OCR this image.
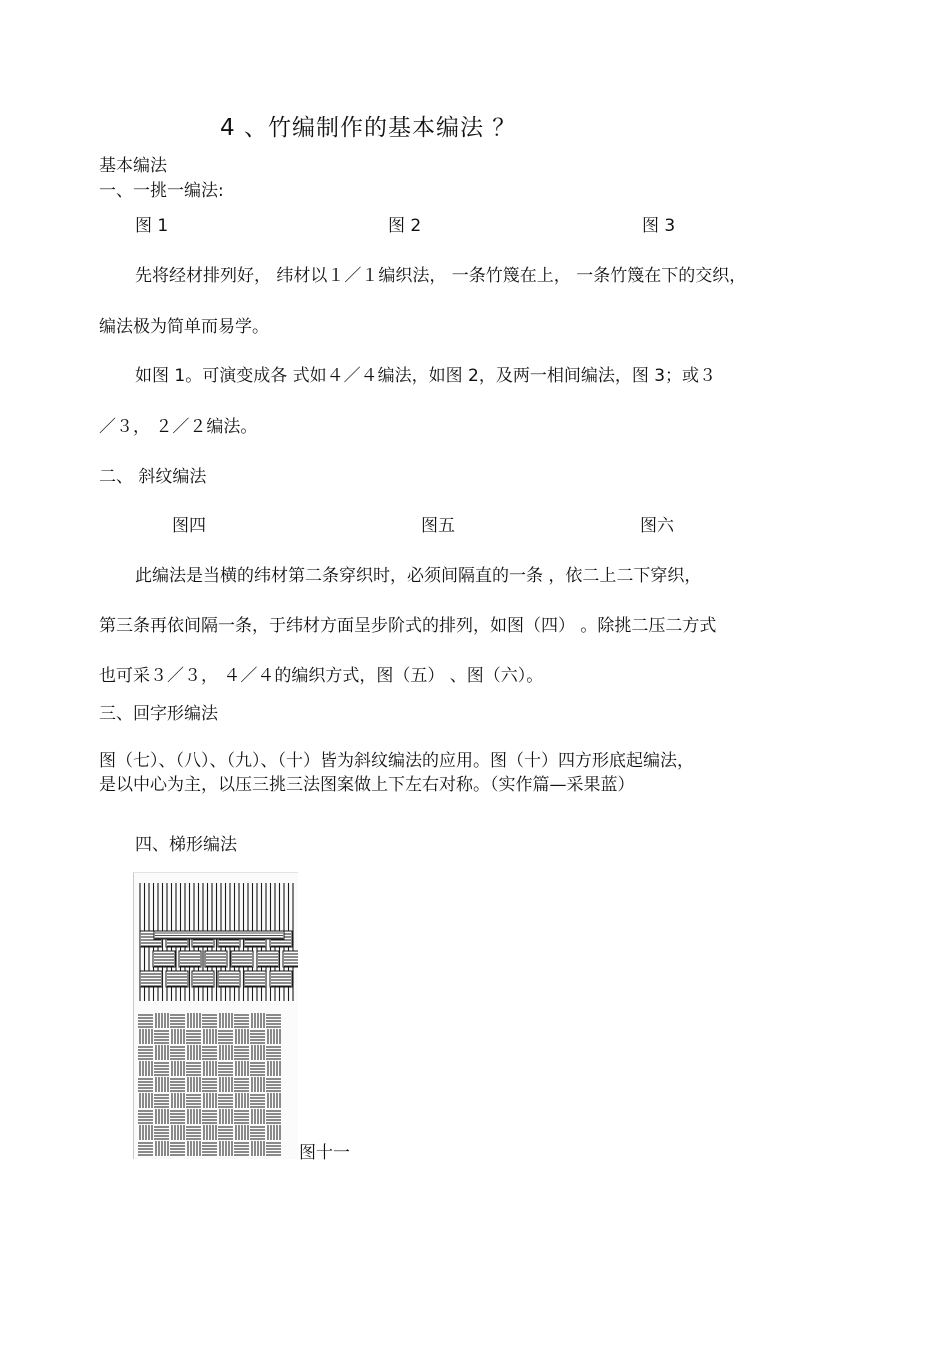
4 、竹编制作的基本编法 ？
基本编法
一、一挑一编法:
图 1	图 2	图 3
先将经材排列好， 纬材以１／１编织法， 一条竹篾在上， 一条竹篾在下的交织，
编法极为简单而易学。
如图 1。可演变成各 式如４／４编法，如图 2，及两一相间编法，图 3；或３
／３， ２／２编法。
二、 斜纹编法
图四	图五	图六
此编法是当横的纬材第二条穿织时，必须间隔直的一条 ，依二上二下穿织，
第三条再依间隔一条，于纬材方面呈步阶式的排列，如图（四） 。除挑二压二方式
也可采３／３， ４／４的编织方式，图（五） 、图（六）。
三、回字形编法
图（七）、（八）、（九）、（十）皆为斜纹编法的应用。图（十）四方形底起编法，
是以中心为主，以压三挑三法图案做上下左右对称。（实作篇—采果蓝）
四、梯形编法
图十一
